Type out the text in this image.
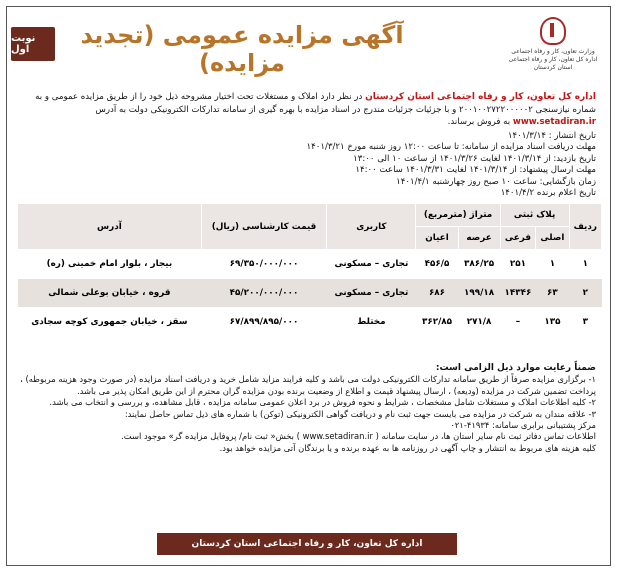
نوبت اول
آگهی مزایده عمومی (تجدید مزایده)	وزارت تعاون، کار و رفاه اجتماعی
اداره کل تعاون، کار و رفاه اجتماعی
استان کردستان
اداره کل تعاون، کار و رفاه اجتماعی استان کردستان در نظر دارد املاک و مستغلات تحت اختیار مشروحه ذیل خود را از طریق مزایده عمومی و به شماره نیازسنجی ۲۰۰۱۰۰۲۷۲۲۰۰۰۰۰۲ و با جزئیات جزئیات مندرج در اسناد مزایده با بهره گیری از سامانه تدارکات الکترونیکی دولت به آدرس www.setadiran.ir به فروش برساند.
تاریخ انتشار : ۱۴۰۱/۳/۱۴
مهلت دریافت اسناد مزایده از سامانه: تا ساعت ۱۲:۰۰ روز شنبه مورخ ۱۴۰۱/۳/۲۱
تاریخ بازدید: از ۱۴۰۱/۳/۱۴ لغایت ۱۴۰۱/۳/۲۶ از ساعت ۱۰ الی ۱۳:۰۰
مهلت ارسال پیشنهاد: از ۱۴۰۱/۳/۱۴ لغایت ۱۴۰۱/۳/۳۱ ساعت ۱۴:۰۰
زمان بازگشایی: ساعت ۱۰ صبح روز چهارشنبه ۱۴۰۱/۴/۱
تاریخ اعلام برنده ۱۴۰۱/۴/۲
ردیف	پلاک ثبتی		متراژ (مترمربع)		کاربری	قیمت کارشناسی (ریال)	آدرس
	اصلی	فرعی	عرصه	اعیان			
۱	۱	۲۵۱	۳۸۶/۲۵	۴۵۶/۵	تجاری – مسکونی	۶۹/۳۵۰/۰۰۰/۰۰۰	بیجار ، بلوار امام خمینی (ره)
۲	۶۳	۱۴۳۴۶	۱۹۹/۱۸	۶۸۶	تجاری – مسکونی	۴۵/۲۰۰/۰۰۰/۰۰۰	قروه ، خیابان بوعلی شمالی
۳	۱۳۵	–	۲۷۱/۸	۳۶۲/۸۵	مختلط	۶۷/۸۹۹/۸۹۵/۰۰۰	سقز ، خیابان جمهوری کوچه سجادی
ضمناً رعایت موارد ذیل الزامی است:
۱- برگزاری مزایده صرفاً از طریق سامانه تدارکات الکترونیکی دولت می باشد و کلیه فرایند مزاید شامل خرید و دریافت اسناد مزایده (در صورت وجود هزینه مربوطه) ، پرداخت تضمین شرکت در مزایده (ودیعه) ، ارسال پیشنهاد قیمت و اطلاع از وضعیت برنده بودن مزایده گران محترم از این طریق امکان پذیر می باشد.
۲- کلیه اطلاعات املاک و مستغلات شامل مشخصات ، شرایط و نحوه فروش در برد اعلان عمومی سامانه مزایده ، قابل مشاهده، و بررسی و انتخاب می باشد.
۳- علاقه مندان به شرکت در مزایده می بایست جهت ثبت نام و دریافت گواهی الکترونیکی (توکن) با شماره های ذیل تماس حاصل نمایند:
مرکز پشتیبانی برابری سامانه: ۴۱۹۳۴-۰۲۱
اطلاعات تماس دفاتر ثبت نام سایر استان ها، در سایت سامانه ( www.setadiran.ir ) بخش« ثبت نام/ پروفایل مزایده گر» موجود است.
کلیه هزینه های مربوط به انتشار و چاپ آگهی در روزنامه ها به عهده برنده و یا برندگان آتی مزایده خواهد بود.
اداره کل تعاون، کار و رفاه اجتماعی استان کردستان
